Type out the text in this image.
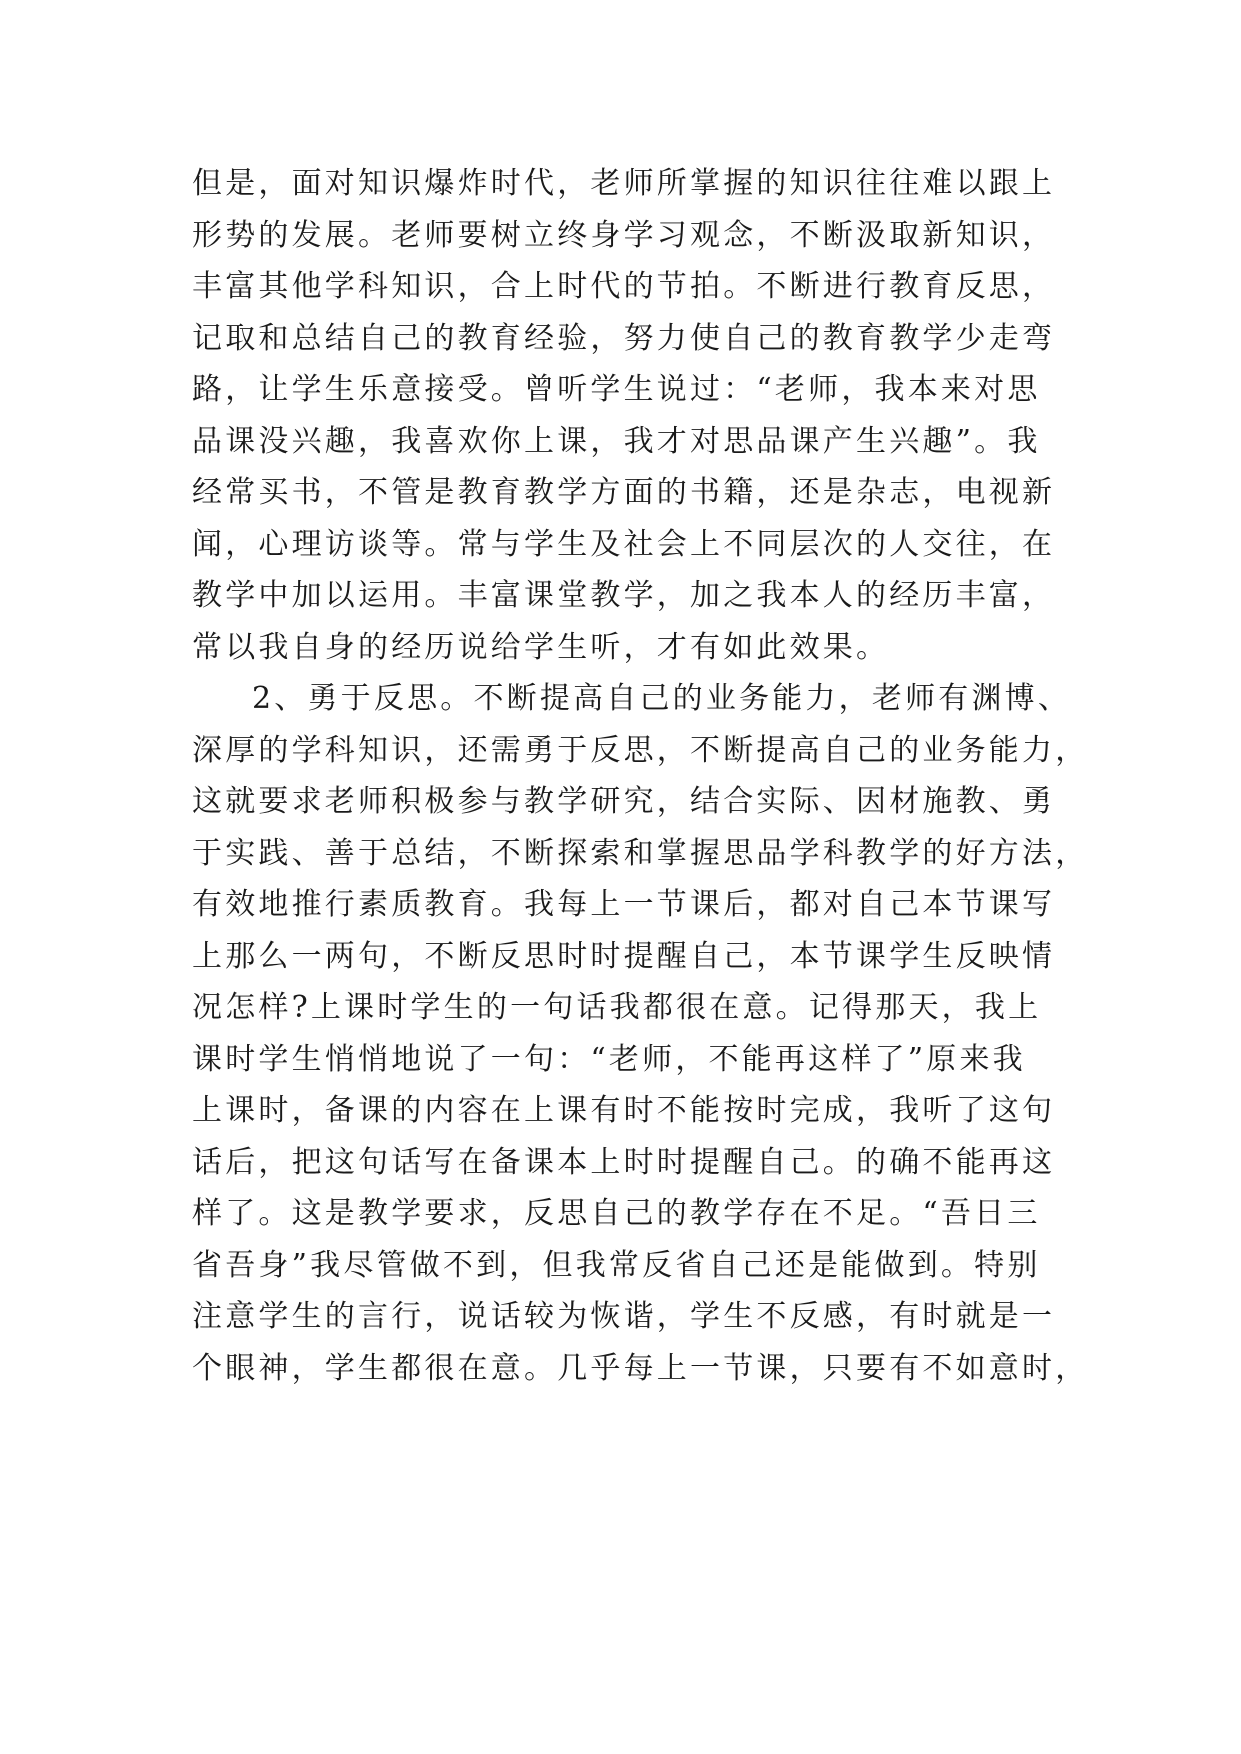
但是，面对知识爆炸时代，老师所掌握的知识往往难以跟上
形势的发展。老师要树立终身学习观念，不断汲取新知识，
丰富其他学科知识，合上时代的节拍。不断进行教育反思，
记取和总结自己的教育经验，努力使自己的教育教学少走弯
路，让学生乐意接受。曾听学生说过：“老师，我本来对思
品课没兴趣，我喜欢你上课，我才对思品课产生兴趣”。我
经常买书，不管是教育教学方面的书籍，还是杂志，电视新
闻，心理访谈等。常与学生及社会上不同层次的人交往，在
教学中加以运用。丰富课堂教学，加之我本人的经历丰富，
常以我自身的经历说给学生听，才有如此效果。
2、勇于反思。不断提高自己的业务能力，老师有渊博、
深厚的学科知识，还需勇于反思，不断提高自己的业务能力，
这就要求老师积极参与教学研究，结合实际、因材施教、勇
于实践、善于总结，不断探索和掌握思品学科教学的好方法，
有效地推行素质教育。我每上一节课后，都对自己本节课写
上那么一两句，不断反思时时提醒自己，本节课学生反映情
况怎样?上课时学生的一句话我都很在意。记得那天，我上
课时学生悄悄地说了一句：“老师，不能再这样了”原来我
上课时，备课的内容在上课有时不能按时完成，我听了这句
话后，把这句话写在备课本上时时提醒自己。的确不能再这
样了。这是教学要求，反思自己的教学存在不足。“吾日三
省吾身”我尽管做不到，但我常反省自己还是能做到。特别
注意学生的言行，说话较为恢谐，学生不反感，有时就是一
个眼神，学生都很在意。几乎每上一节课，只要有不如意时，
